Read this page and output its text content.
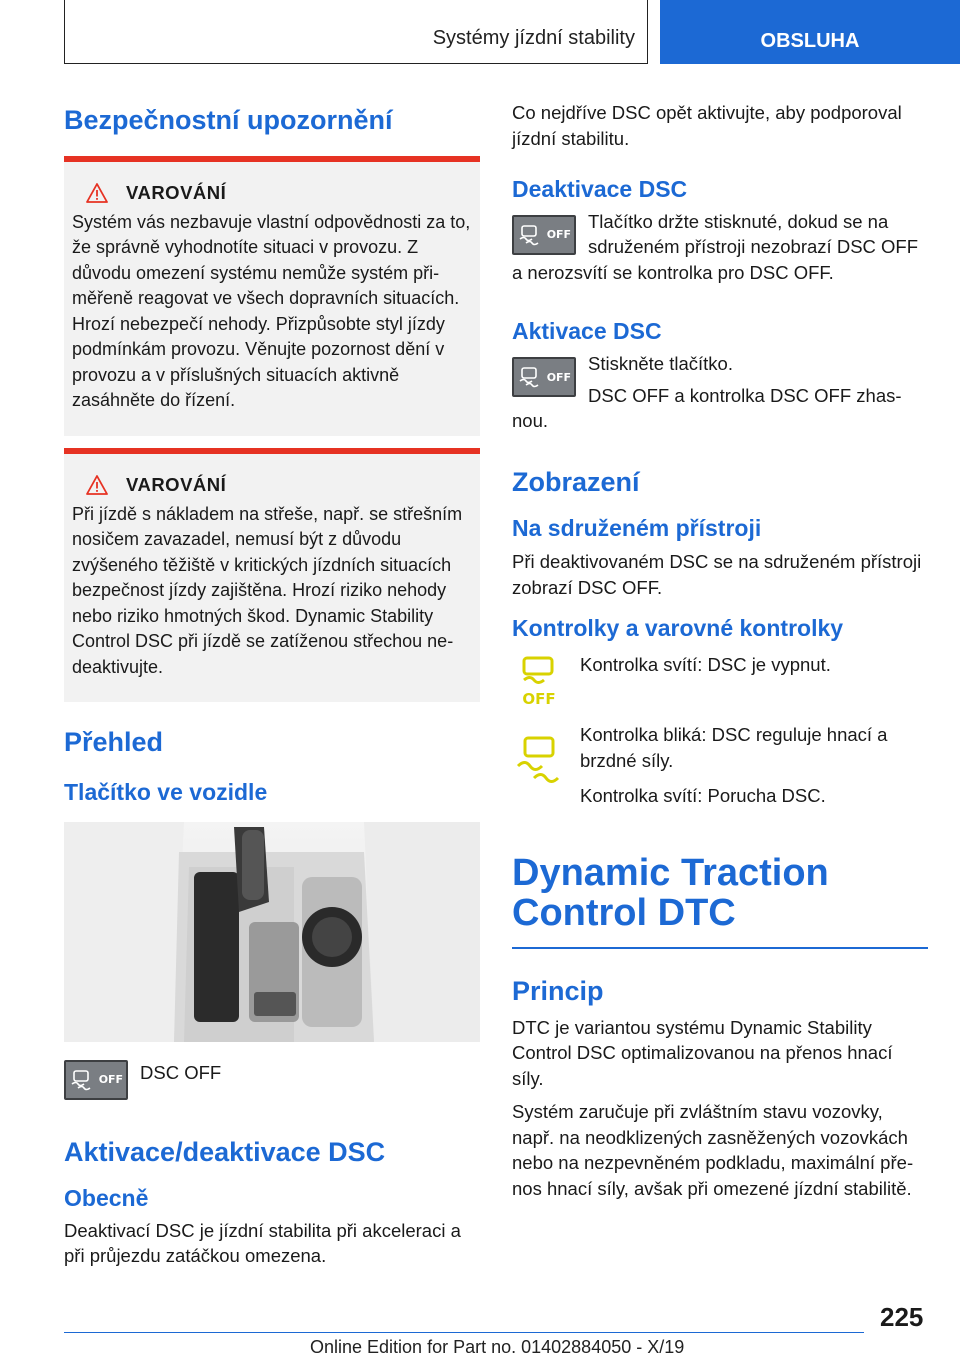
Systémy jízdní stability	OBSLUHA
Bezpečnostní upozornění
VAROVÁNÍ

Systém vás nezbavuje vlastní odpovědnosti za to, že správně vyhodnotíte situaci v provozu. Z důvodu omezení systému nemůže systém přiměřeně reagovat ve všech dopravních situacích. Hrozí nebezpečí nehody. Přizpůsobte styl jízdy podmínkám provozu. Věnujte pozornost dění v provozu a v příslušných situacích aktivně zasáhněte do řízení.

VAROVÁNÍ

Při jízdě s nákladem na střeše, např. se střešním nosičem zavazadel, nemusí být z důvodu zvýšeného těžiště v kritických jízdních situacích bezpečnost jízdy zajištěna. Hrozí riziko nehody nebo riziko hmotných škod. Dynamic Stability Control DSC při jízdě se zatíženou střechou nedeaktivujte.

Přehled
Tlačítko ve vozidle
OFF DSC OFF

Aktivace/deaktivace DSC
Obecně

Deaktivací DSC je jízdní stabilita při akceleraci a při průjezdu zatáčkou omezena.

Co nejdříve DSC opět aktivujte, aby podporoval jízdní stabilitu.

Deaktivace DSC
OFF

Tlačítko držte stisknuté, dokud se na sdruženém přístroji nezobrazí DSC OFF a nerozsvítí se kontrolka pro DSC OFF.

Aktivace DSC
OFF

Stiskněte tlačítko.

DSC OFF a kontrolka DSC OFF zhasnou.

Zobrazení
Na sdruženém přístroji

Při deaktivovaném DSC se na sdruženém přístroji zobrazí DSC OFF.

Kontrolky a varovné kontrolky
OFF

Kontrolka svítí: DSC je vypnut.

Kontrolka bliká: DSC reguluje hnací a brzdné síly.

Kontrolka svítí: Porucha DSC.

Dynamic Traction Control DTC
Princip

DTC je variantou systému Dynamic Stability Control DSC optimalizovanou na přenos hnací síly.

Systém zaručuje při zvláštním stavu vozovky, např. na neodklizených zasněžených vozovkách nebo na nezpevněném podkladu, maximální přenos hnací síly, avšak při omezené jízdní stabilitě.

225
Online Edition for Part no. 01402884050 - X/19
